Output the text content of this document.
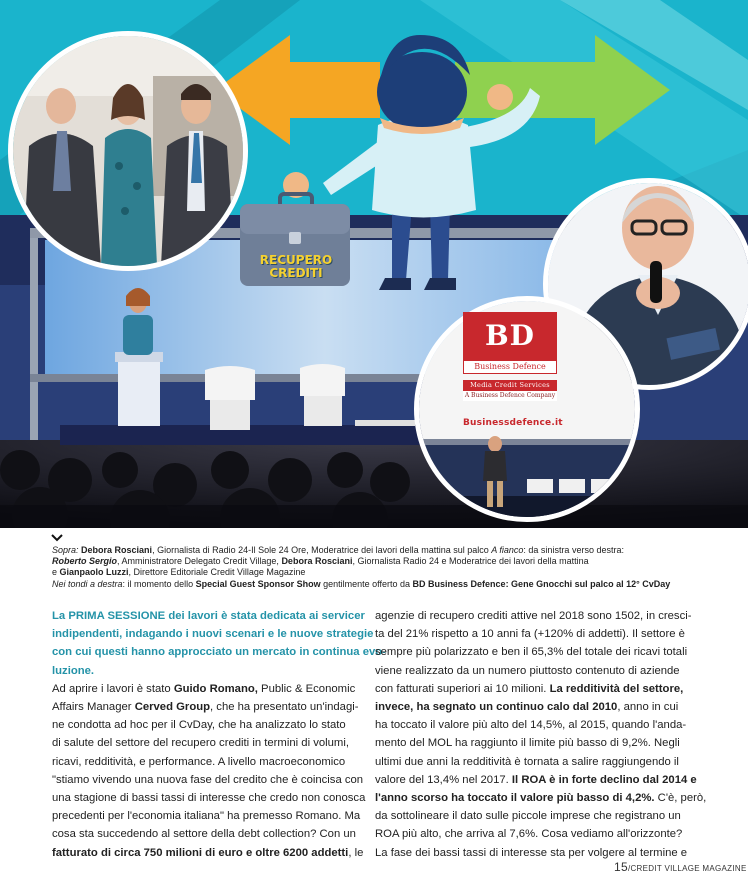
RECUPERO
CREDITI
BD
Business Defence
Media Credit Services
A Business Defence Company
Businessdefence.it

Sopra: Debora Rosciani, Giornalista di Radio 24-Il Sole 24 Ore, Moderatrice dei lavori della mattina sul palco A fianco: da sinistra verso destra:

Roberto Sergio, Amministratore Delegato Credit Village, Debora Rosciani, Giornalista Radio 24 e Moderatrice dei lavori della mattina

e Gianpaolo Luzzi, Direttore Editoriale Credit Village Magazine

Nei tondi a destra: il momento dello Special Guest Sponsor Show gentilmente offerto da BD Business Defence: Gene Gnocchi sul palco al 12° CvDay

La PRIMA SESSIONE dei lavori è stata dedicata ai servicer

indipendenti, indagando i nuovi scenari e le nuove strategie

con cui questi hanno approcciato un mercato in continua evo-

luzione.

Ad aprire i lavori è stato Guido Romano, Public & Economic

Affairs Manager Cerved Group, che ha presentato un'indagi-

ne condotta ad hoc per il CvDay, che ha analizzato lo stato

di salute del settore del recupero crediti in termini di volumi,

ricavi, redditività, e performance. A livello macroeconomico

"stiamo vivendo una nuova fase del credito che è coincisa con

una stagione di bassi tassi di interesse che credo non conosca

precedenti per l'economia italiana" ha premesso Romano. Ma

cosa sta succedendo al settore della debt collection? Con un

fatturato di circa 750 milioni di euro e oltre 6200 addetti, le

agenzie di recupero crediti attive nel 2018 sono 1502, in cresci-

ta del 21% rispetto a 10 anni fa (+120% di addetti). Il settore è

sempre più polarizzato e ben il 65,3% del totale dei ricavi totali

viene realizzato da un numero piuttosto contenuto di aziende

con fatturati superiori ai 10 milioni. La redditività del settore,

invece, ha segnato un continuo calo dal 2010, anno in cui

ha toccato il valore più alto del 14,5%, al 2015, quando l'anda-

mento del MOL ha raggiunto il limite più basso di 9,2%. Negli

ultimi due anni la redditività è tornata a salire raggiungendo il

valore del 13,4% nel 2017. Il ROA è in forte declino dal 2014 e

l'anno scorso ha toccato il valore più basso di 4,2%. C'è, però,

da sottolineare il dato sulle piccole imprese che registrano un

ROA più alto, che arriva al 7,6%. Cosa vediamo all'orizzonte?

La fase dei bassi tassi di interesse sta per volgere al termine e

15/CREDIT VILLAGE MAGAZINE
